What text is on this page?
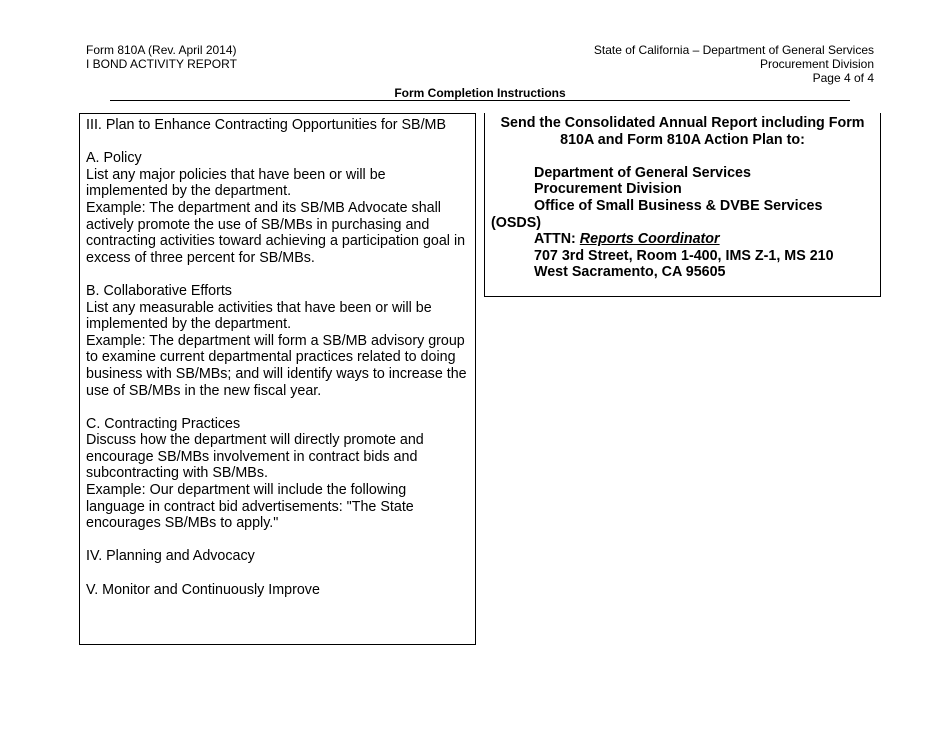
Form 810A (Rev. April 2014)
I BOND ACTIVITY REPORT
State of California – Department of General Services
Procurement Division
Page 4 of 4
Form Completion Instructions

III. Plan to Enhance Contracting Opportunities for SB/MB

A. Policy

List any major policies that have been or will be

implemented by the department.

Example: The department and its SB/MB Advocate shall

actively promote the use of SB/MBs in purchasing and

contracting activities toward achieving a participation goal in

excess of three percent for SB/MBs.

B. Collaborative Efforts

List any measurable activities that have been or will be

implemented by the department.

Example: The department will form a SB/MB advisory group

to examine current departmental practices related to doing

business with SB/MBs; and will identify ways to increase the

use of SB/MBs in the new fiscal year.

C. Contracting Practices

Discuss how the department will directly promote and

encourage SB/MBs involvement in contract bids and

subcontracting with SB/MBs.

Example: Our department will include the following

language in contract bid advertisements: "The State

encourages SB/MBs to apply."

IV. Planning and Advocacy

V. Monitor and Continuously Improve

Send the Consolidated Annual Report including Form

810A and Form 810A Action Plan to:

Department of General Services

Procurement Division

Office of Small Business & DVBE Services

(OSDS)

ATTN: Reports Coordinator

707 3rd Street, Room 1-400, IMS Z-1, MS 210

West Sacramento, CA 95605
